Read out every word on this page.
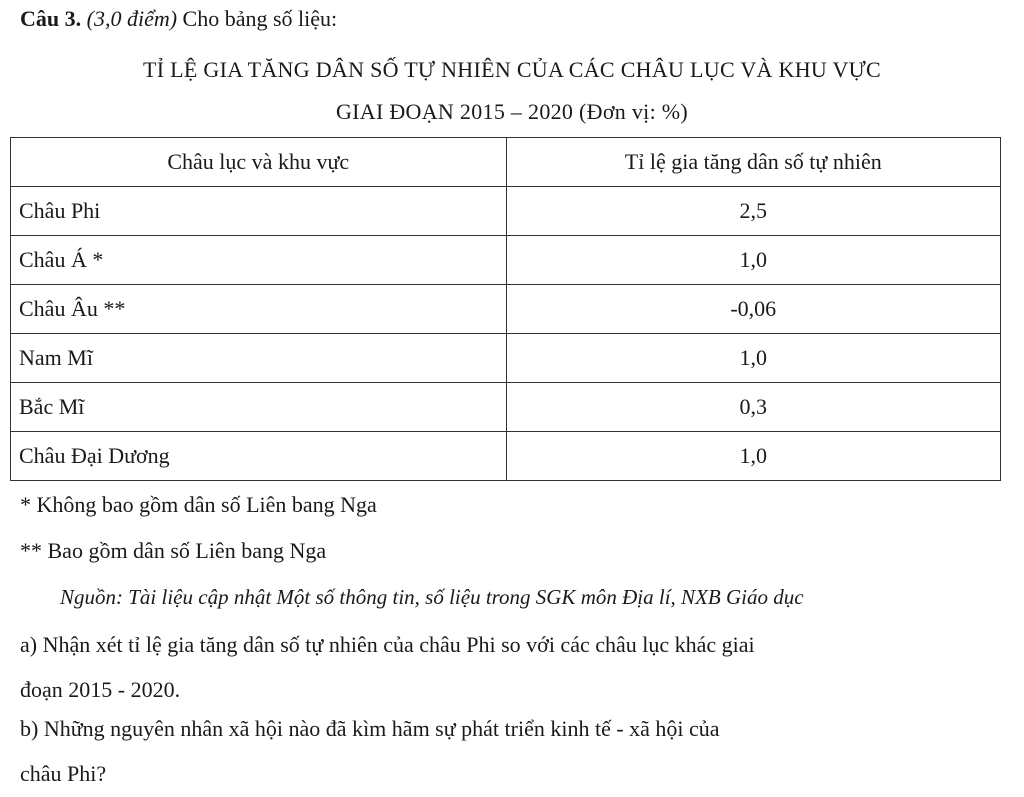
Câu 3. (3,0 điểm) Cho bảng số liệu:
TỈ LỆ GIA TĂNG DÂN SỐ TỰ NHIÊN CỦA CÁC CHÂU LỤC VÀ KHU VỰC
GIAI ĐOẠN 2015 – 2020 (Đơn vị: %)
Châu lục và khu vực	Tỉ lệ gia tăng dân số tự nhiên
Châu Phi	2,5
Châu Á *	1,0
Châu Âu **	-0,06
Nam Mĩ	1,0
Bắc Mĩ	0,3
Châu Đại Dương	1,0
* Không bao gồm dân số Liên bang Nga
** Bao gồm dân số Liên bang Nga
Nguồn: Tài liệu cập nhật Một số thông tin, số liệu trong SGK môn Địa lí, NXB Giáo dục
a) Nhận xét tỉ lệ gia tăng dân số tự nhiên của châu Phi so với các châu lục khác giai
đoạn 2015 - 2020.
b) Những nguyên nhân xã hội nào đã kìm hãm sự phát triển kinh tế - xã hội của
châu Phi?
